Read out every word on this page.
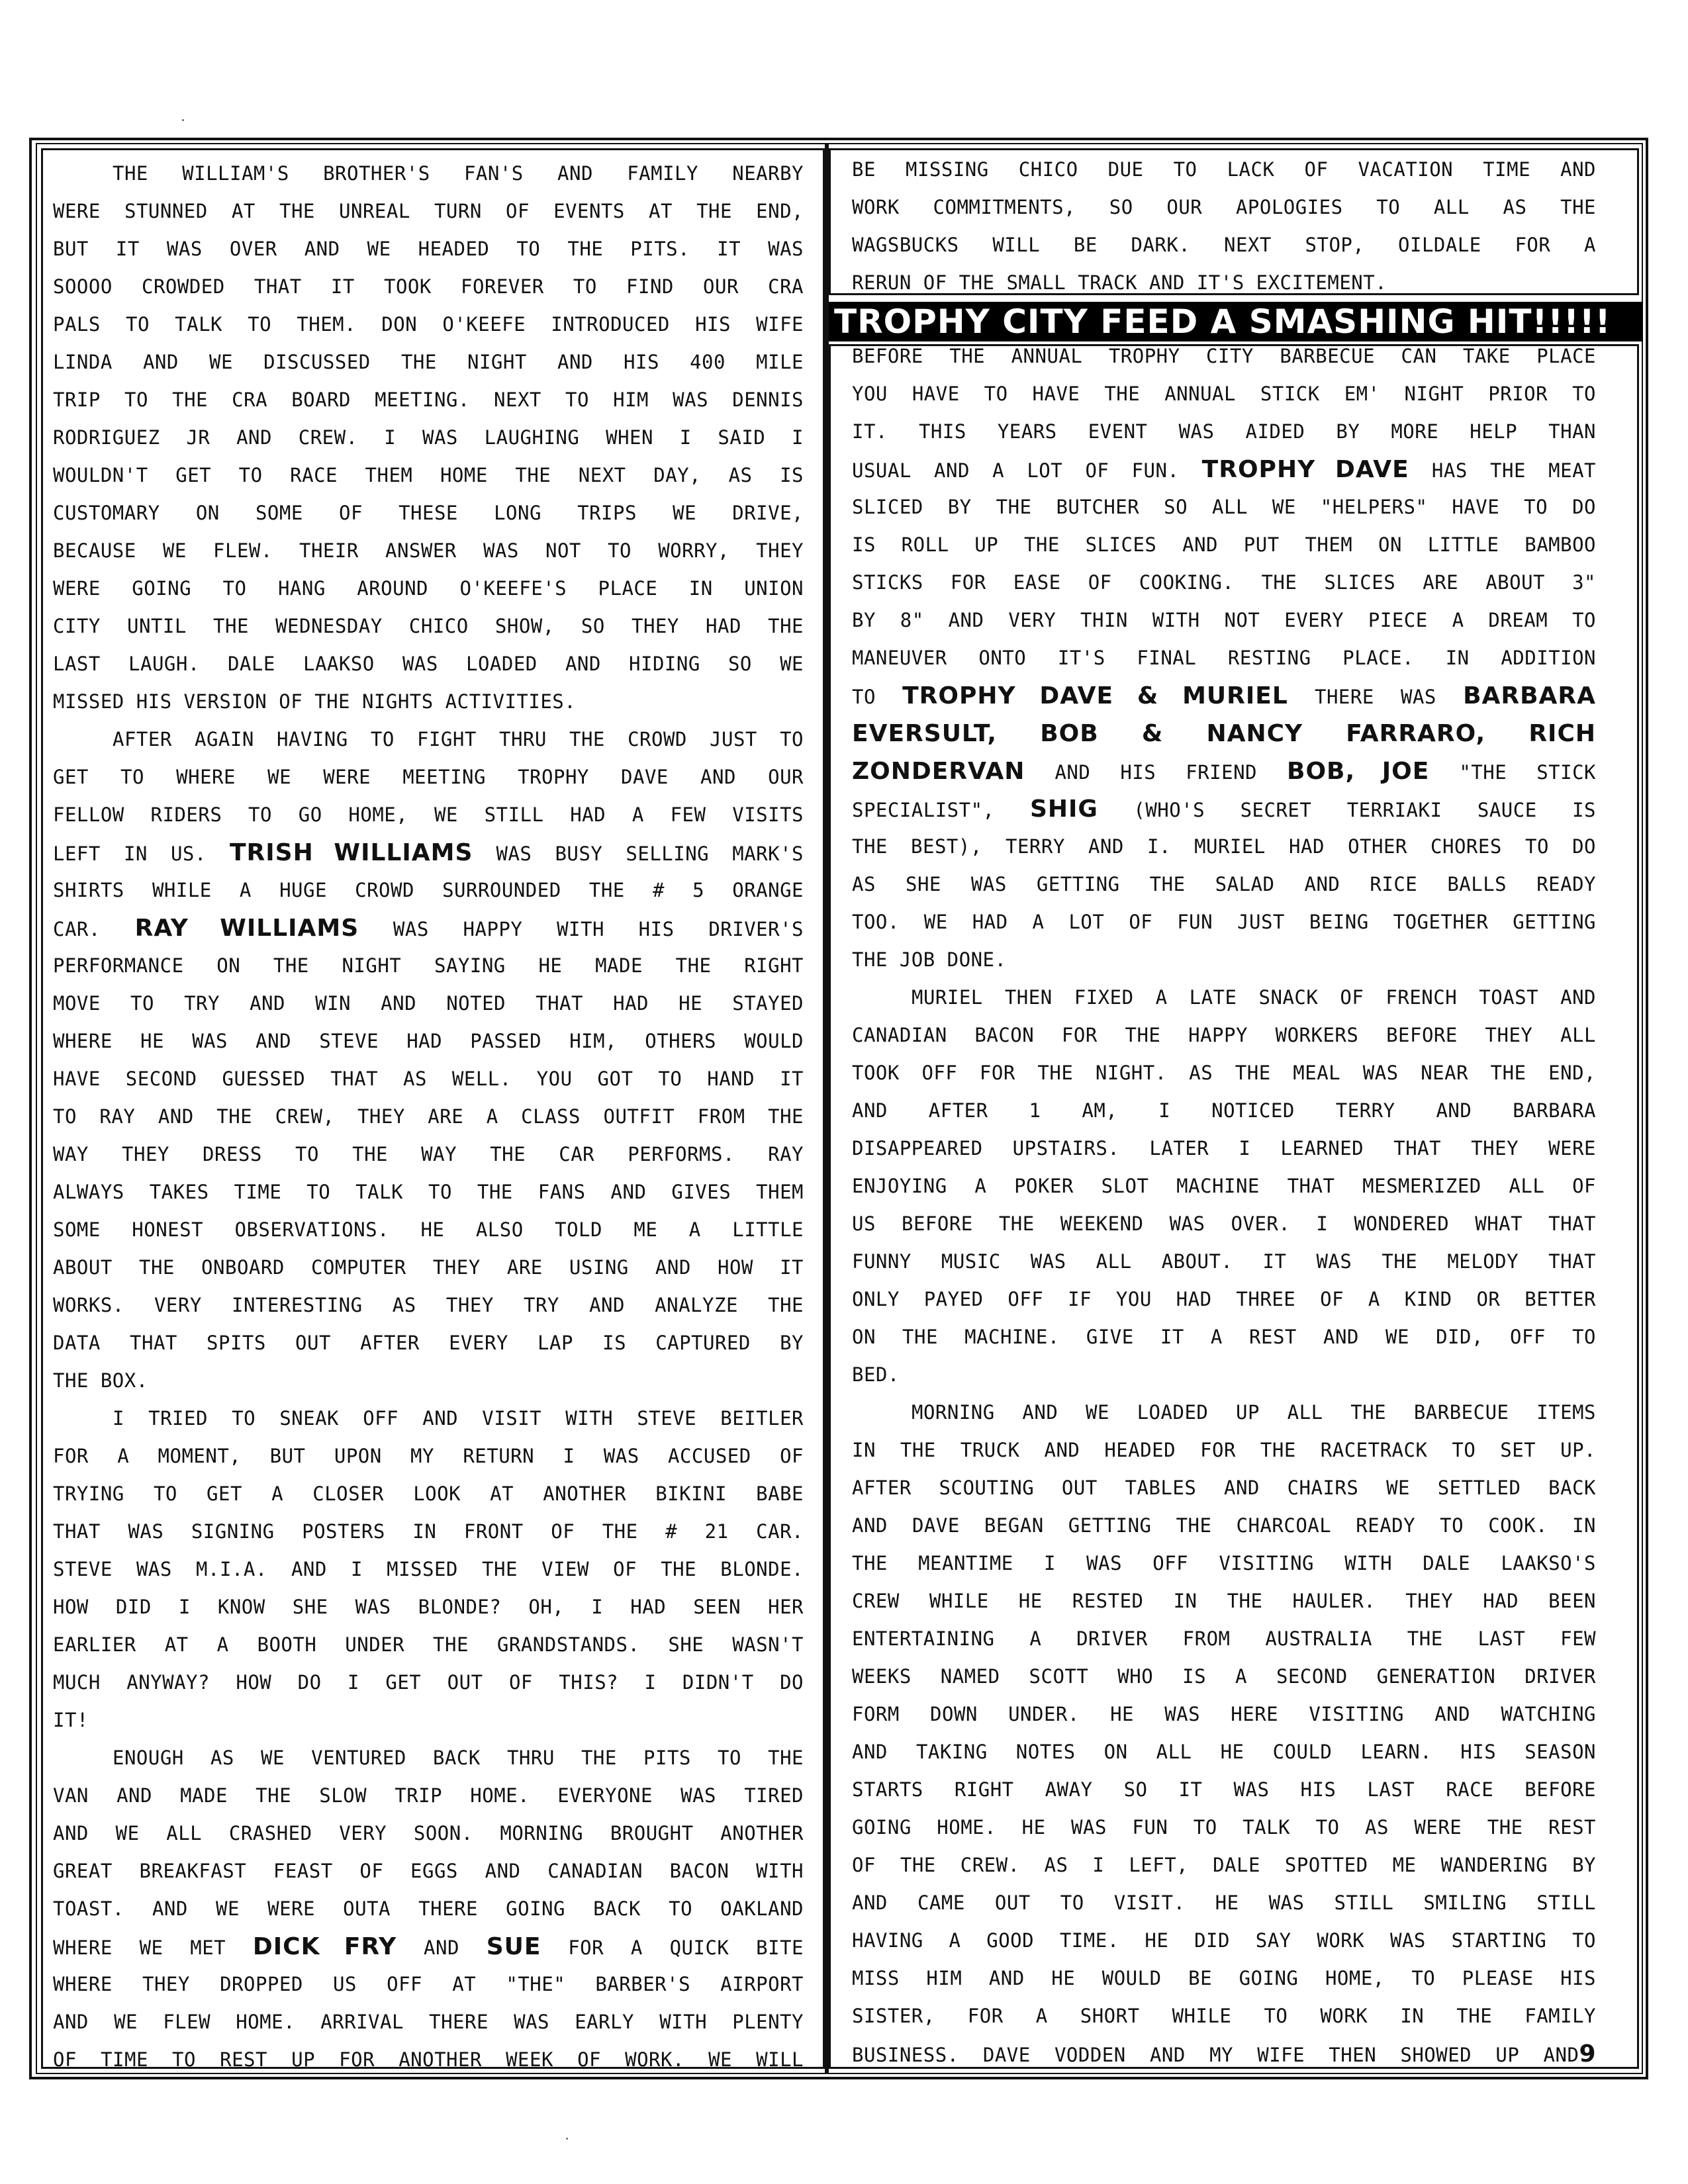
TROPHY CITY FEED A SMASHING HIT!!!!!
THE WILLIAM'S BROTHER'S FAN'S AND FAMILY NEARBY
WERE STUNNED AT THE UNREAL TURN OF EVENTS AT THE END,
BUT IT WAS OVER AND WE HEADED TO THE PITS. IT WAS
SOOOO CROWDED THAT IT TOOK FOREVER TO FIND OUR CRA
PALS TO TALK TO THEM. DON O'KEEFE INTRODUCED HIS WIFE
LINDA AND WE DISCUSSED THE NIGHT AND HIS 400 MILE
TRIP TO THE CRA BOARD MEETING. NEXT TO HIM WAS DENNIS
RODRIGUEZ JR AND CREW. I WAS LAUGHING WHEN I SAID I
WOULDN'T GET TO RACE THEM HOME THE NEXT DAY, AS IS
CUSTOMARY ON SOME OF THESE LONG TRIPS WE DRIVE,
BECAUSE WE FLEW. THEIR ANSWER WAS NOT TO WORRY, THEY
WERE GOING TO HANG AROUND O'KEEFE'S PLACE IN UNION
CITY UNTIL THE WEDNESDAY CHICO SHOW, SO THEY HAD THE
LAST LAUGH. DALE LAAKSO WAS LOADED AND HIDING SO WE
MISSED HIS VERSION OF THE NIGHTS ACTIVITIES.
AFTER AGAIN HAVING TO FIGHT THRU THE CROWD JUST TO
GET TO WHERE WE WERE MEETING TROPHY DAVE AND OUR
FELLOW RIDERS TO GO HOME, WE STILL HAD A FEW VISITS
LEFT IN US. TRISH WILLIAMS WAS BUSY SELLING MARK'S
SHIRTS WHILE A HUGE CROWD SURROUNDED THE # 5 ORANGE
CAR. RAY WILLIAMS WAS HAPPY WITH HIS DRIVER'S
PERFORMANCE ON THE NIGHT SAYING HE MADE THE RIGHT
MOVE TO TRY AND WIN AND NOTED THAT HAD HE STAYED
WHERE HE WAS AND STEVE HAD PASSED HIM, OTHERS WOULD
HAVE SECOND GUESSED THAT AS WELL. YOU GOT TO HAND IT
TO RAY AND THE CREW, THEY ARE A CLASS OUTFIT FROM THE
WAY THEY DRESS TO THE WAY THE CAR PERFORMS. RAY
ALWAYS TAKES TIME TO TALK TO THE FANS AND GIVES THEM
SOME HONEST OBSERVATIONS. HE ALSO TOLD ME A LITTLE
ABOUT THE ONBOARD COMPUTER THEY ARE USING AND HOW IT
WORKS. VERY INTERESTING AS THEY TRY AND ANALYZE THE
DATA THAT SPITS OUT AFTER EVERY LAP IS CAPTURED BY
THE BOX.
I TRIED TO SNEAK OFF AND VISIT WITH STEVE BEITLER
FOR A MOMENT, BUT UPON MY RETURN I WAS ACCUSED OF
TRYING TO GET A CLOSER LOOK AT ANOTHER BIKINI BABE
THAT WAS SIGNING POSTERS IN FRONT OF THE # 21 CAR.
STEVE WAS M.I.A. AND I MISSED THE VIEW OF THE BLONDE.
HOW DID I KNOW SHE WAS BLONDE? OH, I HAD SEEN HER
EARLIER AT A BOOTH UNDER THE GRANDSTANDS. SHE WASN'T
MUCH ANYWAY? HOW DO I GET OUT OF THIS? I DIDN'T DO
IT!
ENOUGH AS WE VENTURED BACK THRU THE PITS TO THE
VAN AND MADE THE SLOW TRIP HOME. EVERYONE WAS TIRED
AND WE ALL CRASHED VERY SOON. MORNING BROUGHT ANOTHER
GREAT BREAKFAST FEAST OF EGGS AND CANADIAN BACON WITH
TOAST. AND WE WERE OUTA THERE GOING BACK TO OAKLAND
WHERE WE MET DICK FRY AND SUE FOR A QUICK BITE
WHERE THEY DROPPED US OFF AT "THE" BARBER'S AIRPORT
AND WE FLEW HOME. ARRIVAL THERE WAS EARLY WITH PLENTY
OF TIME TO REST UP FOR ANOTHER WEEK OF WORK. WE WILL
BE MISSING CHICO DUE TO LACK OF VACATION TIME AND
WORK COMMITMENTS, SO OUR APOLOGIES TO ALL AS THE
WAGSBUCKS WILL BE DARK. NEXT STOP, OILDALE FOR A
RERUN OF THE SMALL TRACK AND IT'S EXCITEMENT.
BEFORE THE ANNUAL TROPHY CITY BARBECUE CAN TAKE PLACE
YOU HAVE TO HAVE THE ANNUAL STICK EM' NIGHT PRIOR TO
IT. THIS YEARS EVENT WAS AIDED BY MORE HELP THAN
USUAL AND A LOT OF FUN. TROPHY DAVE HAS THE MEAT
SLICED BY THE BUTCHER SO ALL WE "HELPERS" HAVE TO DO
IS ROLL UP THE SLICES AND PUT THEM ON LITTLE BAMBOO
STICKS FOR EASE OF COOKING. THE SLICES ARE ABOUT 3"
BY 8" AND VERY THIN WITH NOT EVERY PIECE A DREAM TO
MANEUVER ONTO IT'S FINAL RESTING PLACE. IN ADDITION
TO TROPHY DAVE & MURIEL THERE WAS BARBARA
EVERSULT, BOB & NANCY FARRARO, RICH
ZONDERVAN AND HIS FRIEND BOB, JOE "THE STICK
SPECIALIST", SHIG (WHO'S SECRET TERRIAKI SAUCE IS
THE BEST), TERRY AND I. MURIEL HAD OTHER CHORES TO DO
AS SHE WAS GETTING THE SALAD AND RICE BALLS READY
TOO. WE HAD A LOT OF FUN JUST BEING TOGETHER GETTING
THE JOB DONE.
MURIEL THEN FIXED A LATE SNACK OF FRENCH TOAST AND
CANADIAN BACON FOR THE HAPPY WORKERS BEFORE THEY ALL
TOOK OFF FOR THE NIGHT. AS THE MEAL WAS NEAR THE END,
AND AFTER 1 AM, I NOTICED TERRY AND BARBARA
DISAPPEARED UPSTAIRS. LATER I LEARNED THAT THEY WERE
ENJOYING A POKER SLOT MACHINE THAT MESMERIZED ALL OF
US BEFORE THE WEEKEND WAS OVER. I WONDERED WHAT THAT
FUNNY MUSIC WAS ALL ABOUT. IT WAS THE MELODY THAT
ONLY PAYED OFF IF YOU HAD THREE OF A KIND OR BETTER
ON THE MACHINE. GIVE IT A REST AND WE DID, OFF TO
BED.
MORNING AND WE LOADED UP ALL THE BARBECUE ITEMS
IN THE TRUCK AND HEADED FOR THE RACETRACK TO SET UP.
AFTER SCOUTING OUT TABLES AND CHAIRS WE SETTLED BACK
AND DAVE BEGAN GETTING THE CHARCOAL READY TO COOK. IN
THE MEANTIME I WAS OFF VISITING WITH DALE LAAKSO'S
CREW WHILE HE RESTED IN THE HAULER. THEY HAD BEEN
ENTERTAINING A DRIVER FROM AUSTRALIA THE LAST FEW
WEEKS NAMED SCOTT WHO IS A SECOND GENERATION DRIVER
FORM DOWN UNDER. HE WAS HERE VISITING AND WATCHING
AND TAKING NOTES ON ALL HE COULD LEARN. HIS SEASON
STARTS RIGHT AWAY SO IT WAS HIS LAST RACE BEFORE
GOING HOME. HE WAS FUN TO TALK TO AS WERE THE REST
OF THE CREW. AS I LEFT, DALE SPOTTED ME WANDERING BY
AND CAME OUT TO VISIT. HE WAS STILL SMILING STILL
HAVING A GOOD TIME. HE DID SAY WORK WAS STARTING TO
MISS HIM AND HE WOULD BE GOING HOME, TO PLEASE HIS
SISTER, FOR A SHORT WHILE TO WORK IN THE FAMILY
BUSINESS. DAVE VODDEN AND MY WIFE THEN SHOWED UP AND9
